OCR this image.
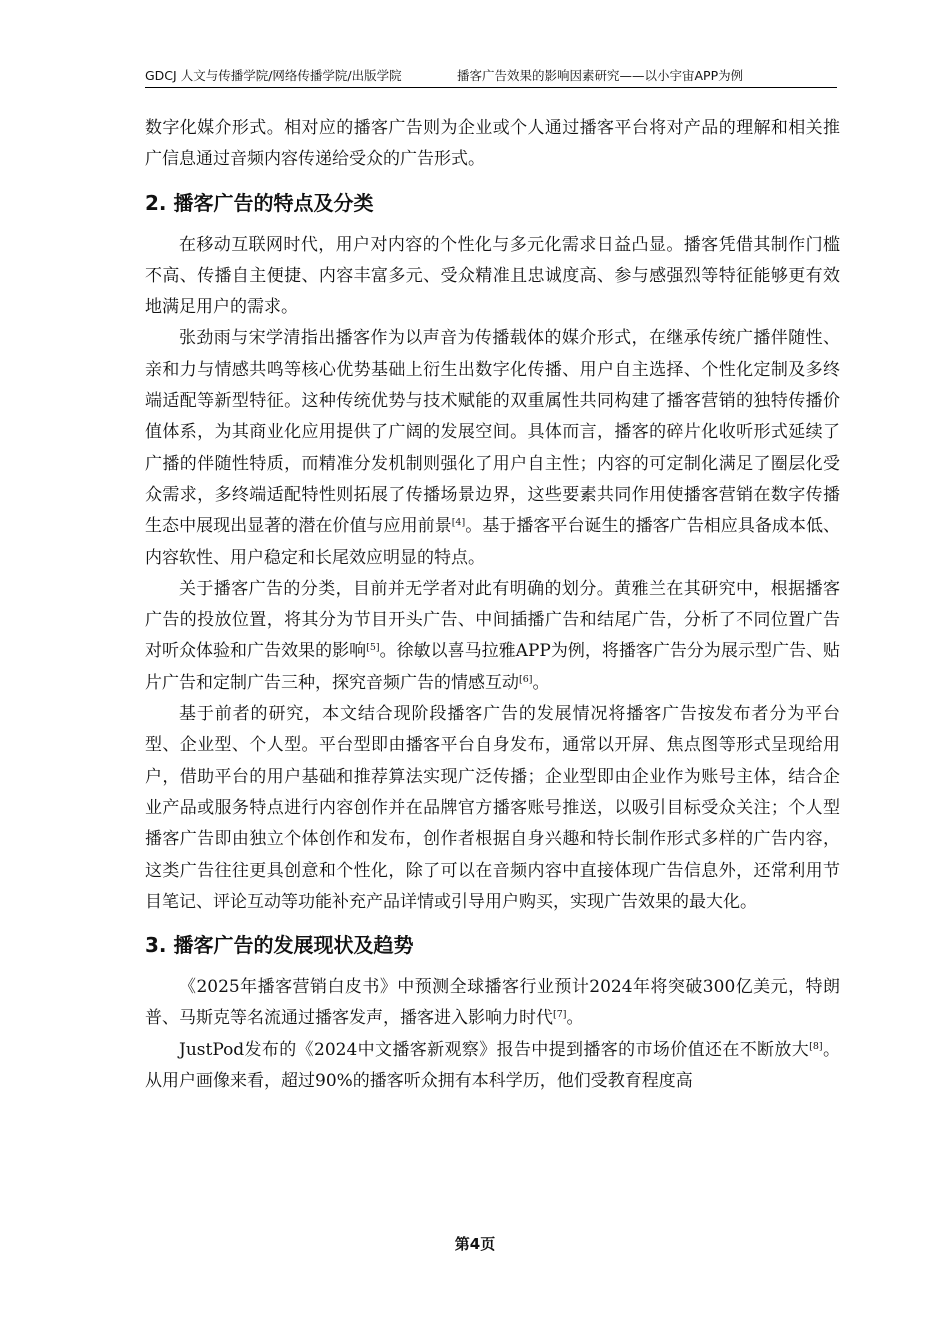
GDCJ 人文与传播学院/网络传播学院/出版学院	播客广告效果的影响因素研究——以小宇宙APP为例

数字化媒介形式。相对应的播客广告则为企业或个人通过播客平台将对产品的理解和相关推广信息通过音频内容传递给受众的广告形式。

2. 播客广告的特点及分类

在移动互联网时代，用户对内容的个性化与多元化需求日益凸显。播客凭借其制作门槛不高、传播自主便捷、内容丰富多元、受众精准且忠诚度高、参与感强烈等特征能够更有效地满足用户的需求。

张劲雨与宋学清指出播客作为以声音为传播载体的媒介形式，在继承传统广播伴随性、亲和力与情感共鸣等核心优势基础上衍生出数字化传播、用户自主选择、个性化定制及多终端适配等新型特征。这种传统优势与技术赋能的双重属性共同构建了播客营销的独特传播价值体系，为其商业化应用提供了广阔的发展空间。具体而言，播客的碎片化收听形式延续了广播的伴随性特质，而精准分发机制则强化了用户自主性；内容的可定制化满足了圈层化受众需求，多终端适配特性则拓展了传播场景边界，这些要素共同作用使播客营销在数字传播生态中展现出显著的潜在价值与应用前景[4]。基于播客平台诞生的播客广告相应具备成本低、内容软性、用户稳定和长尾效应明显的特点。

关于播客广告的分类，目前并无学者对此有明确的划分。黄雅兰在其研究中，根据播客广告的投放位置，将其分为节目开头广告、中间插播广告和结尾广告，分析了不同位置广告对听众体验和广告效果的影响[5]。徐敏以喜马拉雅APP为例，将播客广告分为展示型广告、贴片广告和定制广告三种，探究音频广告的情感互动[6]。

基于前者的研究，本文结合现阶段播客广告的发展情况将播客广告按发布者分为平台型、企业型、个人型。平台型即由播客平台自身发布，通常以开屏、焦点图等形式呈现给用户，借助平台的用户基础和推荐算法实现广泛传播；企业型即由企业作为账号主体，结合企业产品或服务特点进行内容创作并在品牌官方播客账号推送，以吸引目标受众关注；个人型播客广告即由独立个体创作和发布，创作者根据自身兴趣和特长制作形式多样的广告内容，这类广告往往更具创意和个性化，除了可以在音频内容中直接体现广告信息外，还常利用节目笔记、评论互动等功能补充产品详情或引导用户购买，实现广告效果的最大化。

3. 播客广告的发展现状及趋势

《2025年播客营销白皮书》中预测全球播客行业预计2024年将突破300亿美元，特朗普、马斯克等名流通过播客发声，播客进入影响力时代[7]。

JustPod发布的《2024中文播客新观察》报告中提到播客的市场价值还在不断放大[8]。从用户画像来看，超过90%的播客听众拥有本科学历，他们受教育程度高

第4页
